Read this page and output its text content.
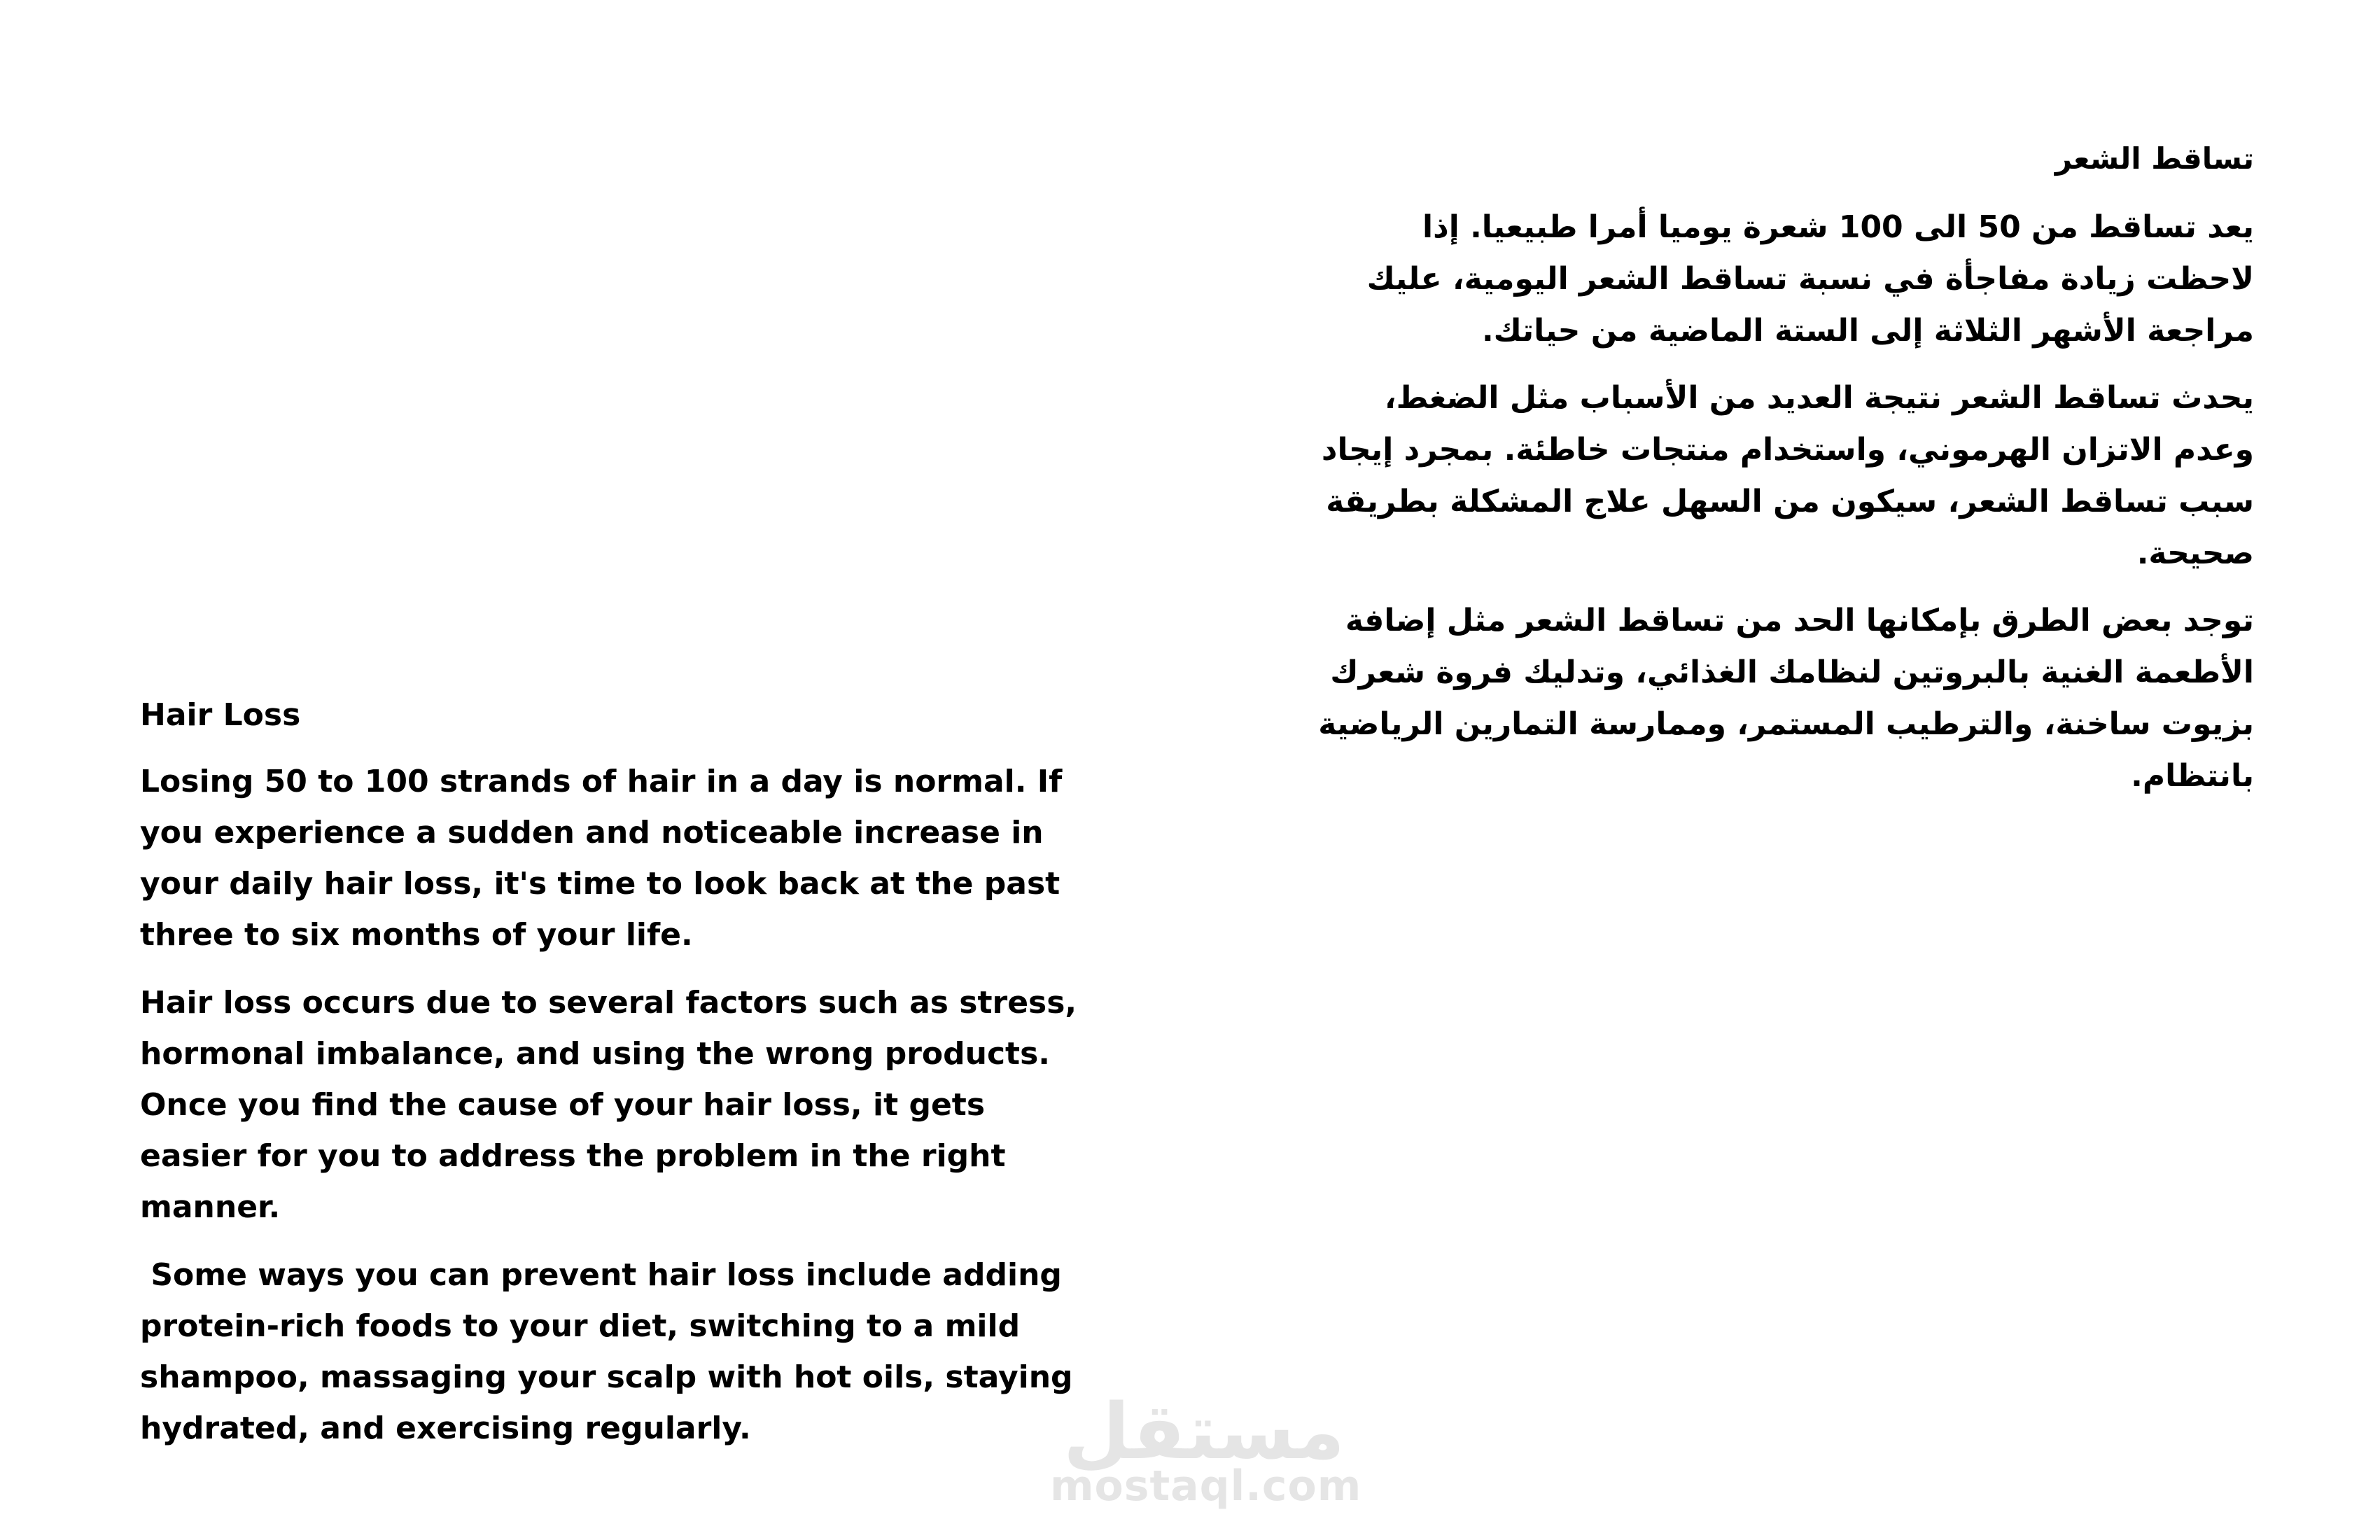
تساقط الشعر

يعد تساقط من 50 الى 100 شعرة يوميا أمرا طبيعيا. إذا لاحظت زيادة مفاجأة في نسبة تساقط الشعر اليومية، عليك مراجعة الأشهر الثلاثة إلى الستة الماضية من حياتك.

يحدث تساقط الشعر نتيجة العديد من الأسباب مثل الضغط، وعدم الاتزان الهرموني، واستخدام منتجات خاطئة. بمجرد إيجاد سبب تساقط الشعر، سيكون من السهل علاج المشكلة بطريقة صحيحة.

توجد بعض الطرق بإمكانها الحد من تساقط الشعر مثل إضافة الأطعمة الغنية بالبروتين لنظامك الغذائي، وتدليك فروة شعرك بزيوت ساخنة، والترطيب المستمر، وممارسة التمارين الرياضية بانتظام.

Hair Loss

Losing 50 to 100 strands of hair in a day is normal. If you experience a sudden and noticeable increase in your daily hair loss, it's time to look back at the past three to six months of your life.

Hair loss occurs due to several factors such as stress, hormonal imbalance, and using the wrong products. Once you find the cause of your hair loss, it gets easier for you to address the problem in the right manner.

Some ways you can prevent hair loss include adding protein-rich foods to your diet, switching to a mild shampoo, massaging your scalp with hot oils, staying hydrated, and exercising regularly.	مستقل
mostaql.com
